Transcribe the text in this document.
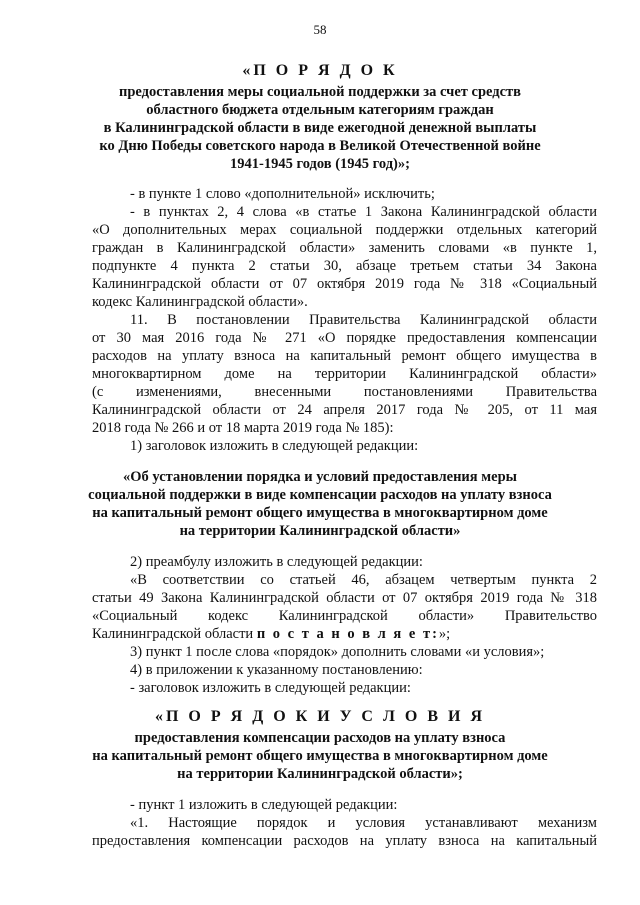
58
«П О Р Я Д О К
предоставления меры социальной поддержки за счет средств
областного бюджета отдельным категориям граждан
в Калининградской области в виде ежегодной денежной выплаты
ко Дню Победы советского народа в Великой Отечественной войне
1941-1945 годов (1945 год)»;
- в пункте 1 слово «дополнительной» исключить;
- в пунктах 2, 4 слова «в статье 1 Закона Калининградской области
«О дополнительных мерах социальной поддержки отдельных категорий
граждан в Калининградской области» заменить словами «в пункте 1,
подпункте 4 пункта 2 статьи 30, абзаце третьем статьи 34 Закона
Калининградской области от 07 октября 2019 года № 318 «Социальный
кодекс Калининградской области».
11. В постановлении Правительства Калининградской области
от 30 мая 2016 года № 271 «О порядке предоставления компенсации
расходов на уплату взноса на капитальный ремонт общего имущества в
многоквартирном доме на территории Калининградской области»
(с изменениями, внесенными постановлениями Правительства
Калининградской области от 24 апреля 2017 года № 205, от 11 мая
2018 года № 266 и от 18 марта 2019 года № 185):
1) заголовок изложить в следующей редакции:
«Об установлении порядка и условий предоставления меры
социальной поддержки в виде компенсации расходов на уплату взноса
на капитальный ремонт общего имущества в многоквартирном доме
на территории Калининградской области»
2) преамбулу изложить в следующей редакции:
«В соответствии со статьей 46, абзацем четвертым пункта 2
статьи 49 Закона Калининградской области от 07 октября 2019 года № 318
«Социальный кодекс Калининградской области» Правительство
Калининградской области п о с т а н о в л я е т:»;
3) пункт 1 после слова «порядок» дополнить словами «и условия»;
4) в приложении к указанному постановлению:
- заголовок изложить в следующей редакции:
«П О Р Я Д О К И У С Л О В И Я
предоставления компенсации расходов на уплату взноса
на капитальный ремонт общего имущества в многоквартирном доме
на территории Калининградской области»;
- пункт 1 изложить в следующей редакции:
«1. Настоящие порядок и условия устанавливают механизм
предоставления компенсации расходов на уплату взноса на капитальный
